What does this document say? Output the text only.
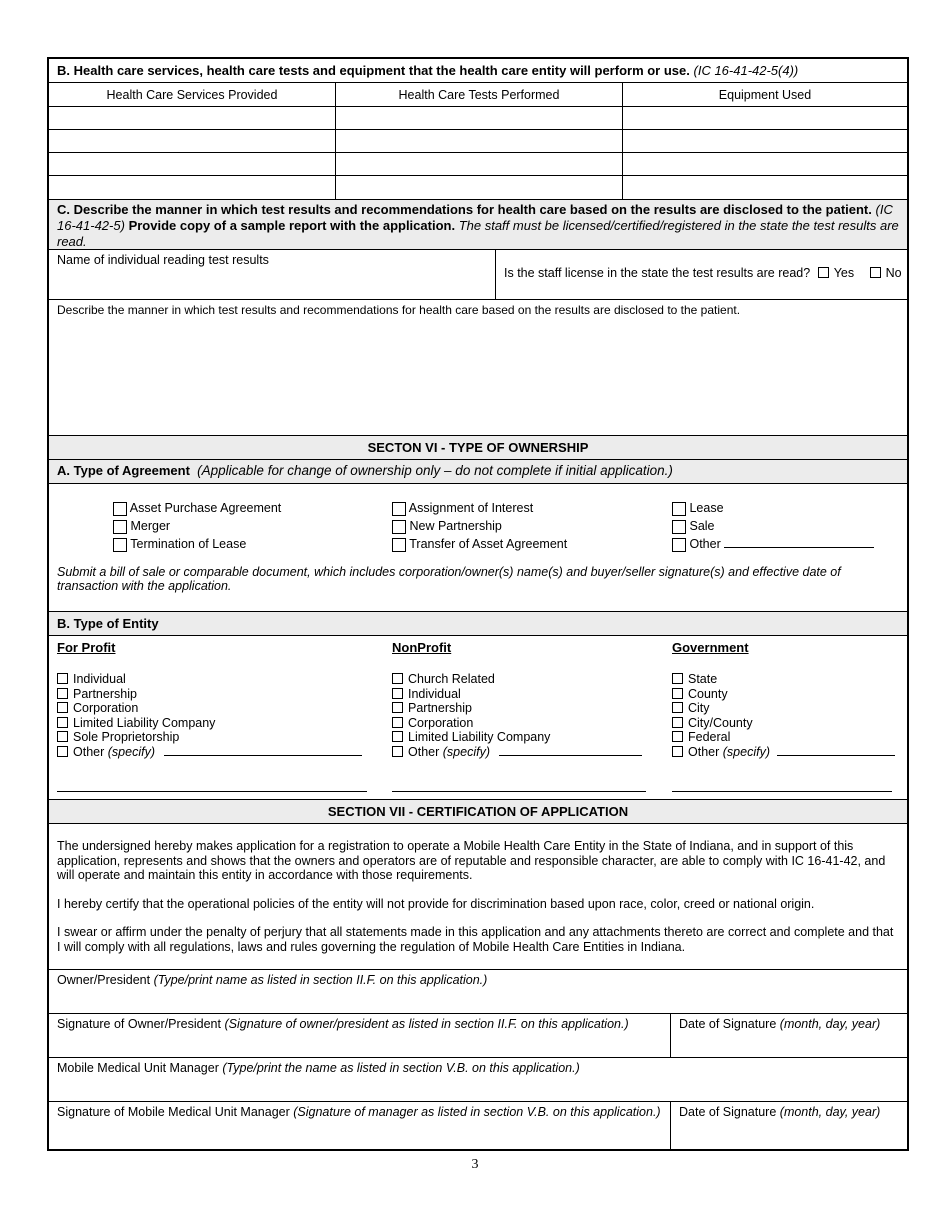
B. Health care services, health care tests and equipment that the health care entity will perform or use. (IC 16-41-42-5(4))
Health Care Services Provided	Health Care Tests Performed	Equipment Used
C. Describe the manner in which test results and recommendations for health care based on the results are disclosed to the patient. (IC 16-41-42-5) Provide copy of a sample report with the application. The staff must be licensed/certified/registered in the state the test results are read.
Name of individual reading test results
Is the staff license in the state the test results are read? Yes	No
Describe the manner in which test results and recommendations for health care based on the results are disclosed to the patient.
SECTON VI - TYPE OF OWNERSHIP
A. Type of Agreement (Applicable for change of ownership only – do not complete if initial application.)
Asset Purchase Agreement
Merger
Termination of Lease
Assignment of Interest
New Partnership
Transfer of Asset Agreement
Lease
Sale
Other
Submit a bill of sale or comparable document, which includes corporation/owner(s) name(s) and buyer/seller signature(s) and effective date of transaction with the application.
B. Type of Entity
For Profit
Individual
Partnership
Corporation
Limited Liability Company
Sole Proprietorship
Other (specify)
NonProfit
Church Related
Individual
Partnership
Corporation
Limited Liability Company
Other (specify)
Government
State
County
City
City/County
Federal
Other (specify)
SECTION VII - CERTIFICATION OF APPLICATION

The undersigned hereby makes application for a registration to operate a Mobile Health Care Entity in the State of Indiana, and in support of this application, represents and shows that the owners and operators are of reputable and responsible character, are able to comply with IC 16-41-42, and will operate and maintain this entity in accordance with those requirements.

I hereby certify that the operational policies of the entity will not provide for discrimination based upon race, color, creed or national origin.

I swear or affirm under the penalty of perjury that all statements made in this application and any attachments thereto are correct and complete and that I will comply with all regulations, laws and rules governing the regulation of Mobile Health Care Entities in Indiana.

Owner/President (Type/print name as listed in section II.F. on this application.)
Signature of Owner/President (Signature of owner/president as listed in section II.F. on this application.)	Date of Signature (month, day, year)
Mobile Medical Unit Manager (Type/print the name as listed in section V.B. on this application.)
Signature of Mobile Medical Unit Manager (Signature of manager as listed in section V.B. on this application.)	Date of Signature (month, day, year)
3
